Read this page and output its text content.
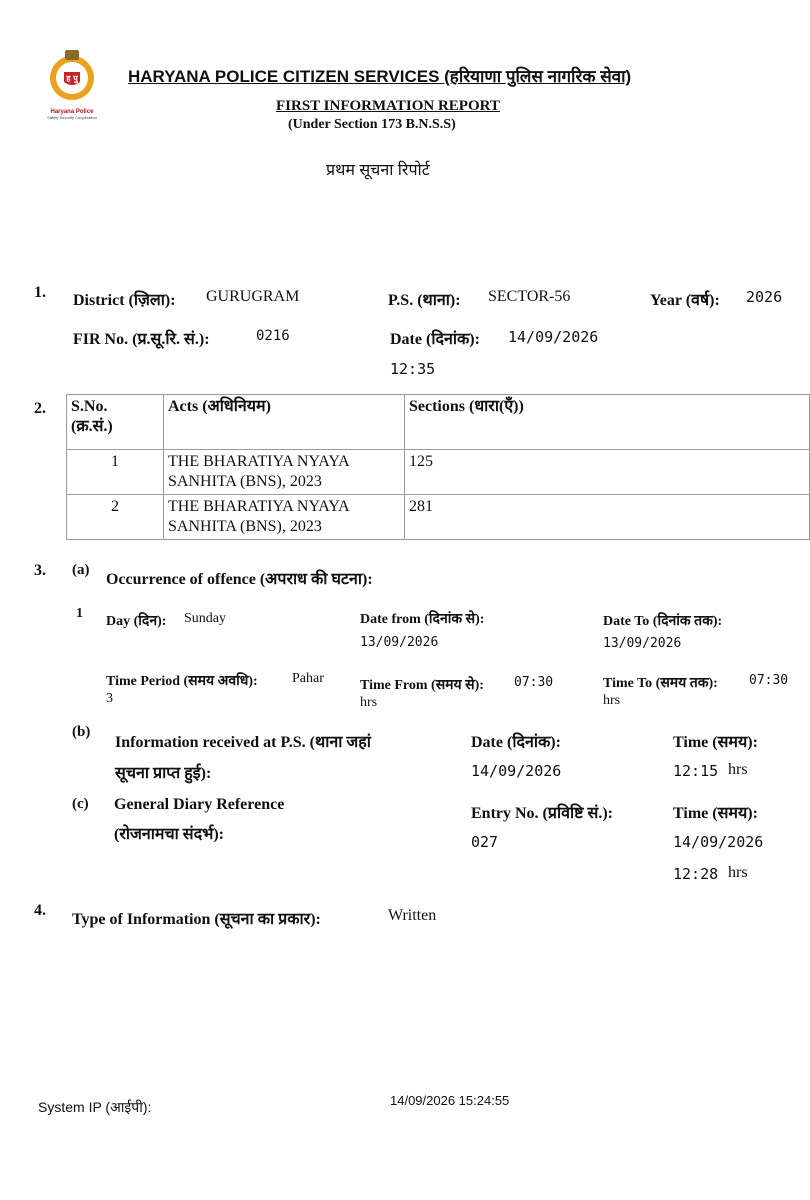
ह पु
Haryana Police
Safety Security Cooperation
HARYANA POLICE CITIZEN SERVICES (हरियाणा पुलिस नागरिक सेवा)
FIRST INFORMATION REPORT
(Under Section 173 B.N.S.S)
प्रथम सूचना रिपोर्ट
1. District (ज़िला): GURUGRAM	P.S. (थाना): SECTOR-56	Year (वर्ष): 2026
FIR No. (प्र.सू.रि. सं.):	0216	Date (दिनांक): 14/09/2026
12:35
2. S.No.
(क्र.सं.)	Acts (अधिनियम)	Sections (धारा(एँ))
1	THE BHARATIYA NYAYA
SANHITA (BNS), 2023	125
2	THE BHARATIYA NYAYA
SANHITA (BNS), 2023	281
3. (a)
Occurrence of offence (अपराध की घटना):
1
Day (दिन): Sunday	Date from (दिनांक से):
13/09/2026
Date To (दिनांक तक):
13/09/2026
Time Period (समय अवधि): Pahar
3
Time From (समय से): 07:30
hrs
Time To (समय तक): 07:30
hrs
(b)
Information received at P.S. (थाना जहां
सूचना प्राप्त हुई):
Date (दिनांक):
14/09/2026
Time (समय):
12:15 hrs
(c) General Diary Reference
(रोजनामचा संदर्भ):
Entry No. (प्रविष्टि सं.):
027
Time (समय):
14/09/2026
12:28 hrs
4.
Type of Information (सूचना का प्रकार):	Written
System IP (आईपी):	14/09/2026 15:24:55
